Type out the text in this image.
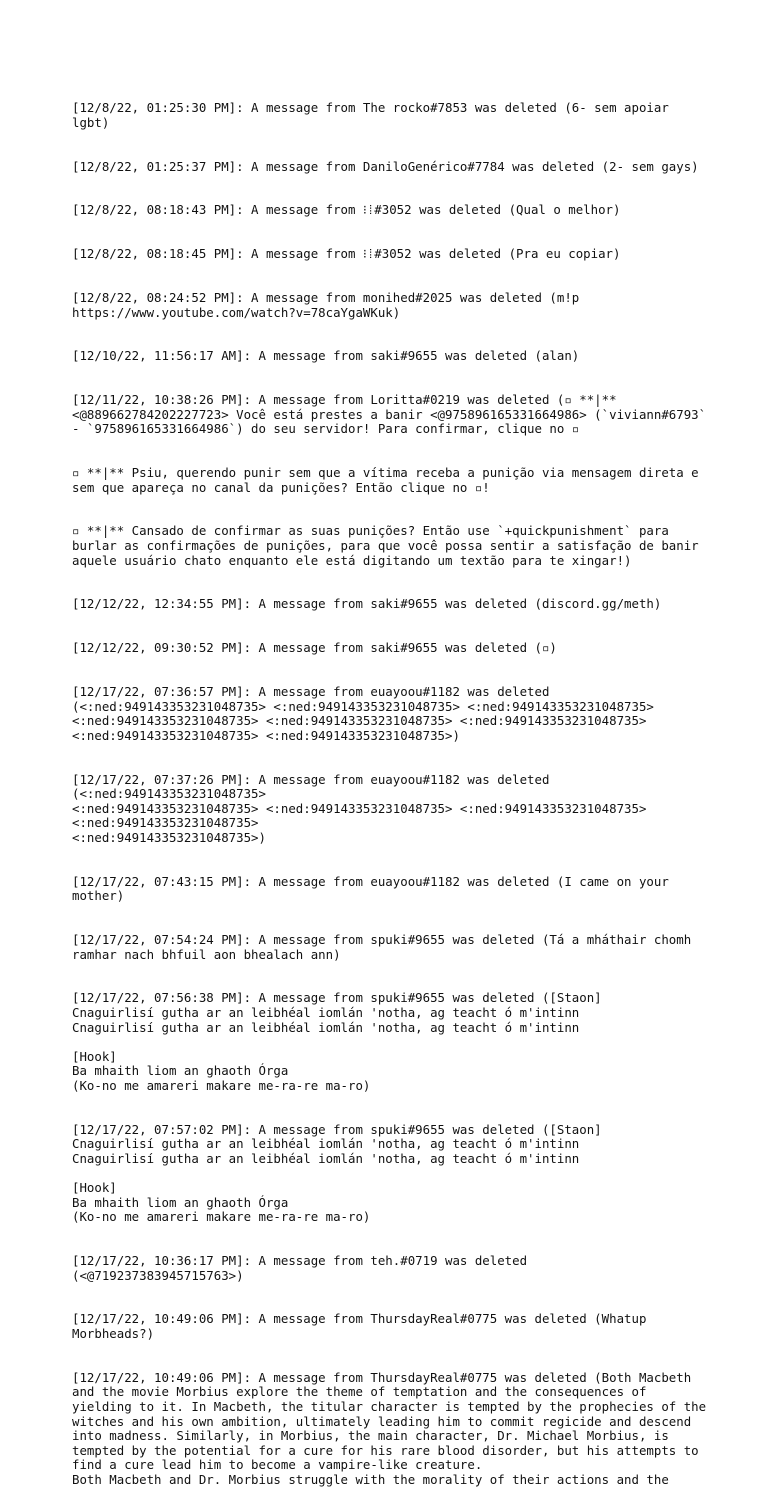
[12/8/22, 01:25:30 PM]: A message from The rocko#7853 was deleted (6- sem apoiar lgbt)

[12/8/22, 01:25:37 PM]: A message from DaniloGenérico#7784 was deleted (2- sem gays)

[12/8/22, 08:18:43 PM]: A message from ⁝⁞#3052 was deleted (Qual o melhor)

[12/8/22, 08:18:45 PM]: A message from ⁝⁞#3052 was deleted (Pra eu copiar)

[12/8/22, 08:24:52 PM]: A message from monihed#2025 was deleted (m!p https://www.youtube.com/watch?v=78caYgaWKuk)

[12/10/22, 11:56:17 AM]: A message from saki#9655 was deleted (alan)

[12/11/22, 10:38:26 PM]: A message from Loritta#0219 was deleted (▫ **|** <@889662784202227723> Você está prestes a banir <@975896165331664986> (`viviann#6793` - `975896165331664986`) do seu servidor! Para confirmar, clique no ▫

▫ **|** Psiu, querendo punir sem que a vítima receba a punição via mensagem direta e sem que apareça no canal da punições? Então clique no ▫!

▫ **|** Cansado de confirmar as suas punições? Então use `+quickpunishment` para burlar as confirmações de punições, para que você possa sentir a satisfação de banir aquele usuário chato enquanto ele está digitando um textão para te xingar!)

[12/12/22, 12:34:55 PM]: A message from saki#9655 was deleted (discord.gg/meth)

[12/12/22, 09:30:52 PM]: A message from saki#9655 was deleted (▫)

[12/17/22, 07:36:57 PM]: A message from euayoou#1182 was deleted (<:ned:949143353231048735> <:ned:949143353231048735> <:ned:949143353231048735> <:ned:949143353231048735> <:ned:949143353231048735> <:ned:949143353231048735> <:ned:949143353231048735> <:ned:949143353231048735>)

[12/17/22, 07:37:26 PM]: A message from euayoou#1182 was deleted (<:ned:949143353231048735>
<:ned:949143353231048735> <:ned:949143353231048735> <:ned:949143353231048735>
<:ned:949143353231048735>
<:ned:949143353231048735>)

[12/17/22, 07:43:15 PM]: A message from euayoou#1182 was deleted (I came on your mother)

[12/17/22, 07:54:24 PM]: A message from spuki#9655 was deleted (Tá a mháthair chomh ramhar nach bhfuil aon bhealach ann)

[12/17/22, 07:56:38 PM]: A message from spuki#9655 was deleted ([Staon]
Cnaguirlisí gutha ar an leibhéal iomlán 'notha, ag teacht ó m'intinn
Cnaguirlisí gutha ar an leibhéal iomlán 'notha, ag teacht ó m'intinn

[Hook]
Ba mhaith liom an ghaoth Órga
(Ko-no me amareri makare me-ra-re ma-ro)

[12/17/22, 07:57:02 PM]: A message from spuki#9655 was deleted ([Staon]
Cnaguirlisí gutha ar an leibhéal iomlán 'notha, ag teacht ó m'intinn
Cnaguirlisí gutha ar an leibhéal iomlán 'notha, ag teacht ó m'intinn

[Hook]
Ba mhaith liom an ghaoth Órga
(Ko-no me amareri makare me-ra-re ma-ro)

[12/17/22, 10:36:17 PM]: A message from teh.#0719 was deleted
(<@719237383945715763>)

[12/17/22, 10:49:06 PM]: A message from ThursdayReal#0775 was deleted (Whatup Morbheads?)

[12/17/22, 10:49:06 PM]: A message from ThursdayReal#0775 was deleted (Both Macbeth and the movie Morbius explore the theme of temptation and the consequences of yielding to it. In Macbeth, the titular character is tempted by the prophecies of the witches and his own ambition, ultimately leading him to commit regicide and descend into madness. Similarly, in Morbius, the main character, Dr. Michael Morbius, is tempted by the potential for a cure for his rare blood disorder, but his attempts to find a cure lead him to become a vampire-like creature.
Both Macbeth and Dr. Morbius struggle with the morality of their actions and the
